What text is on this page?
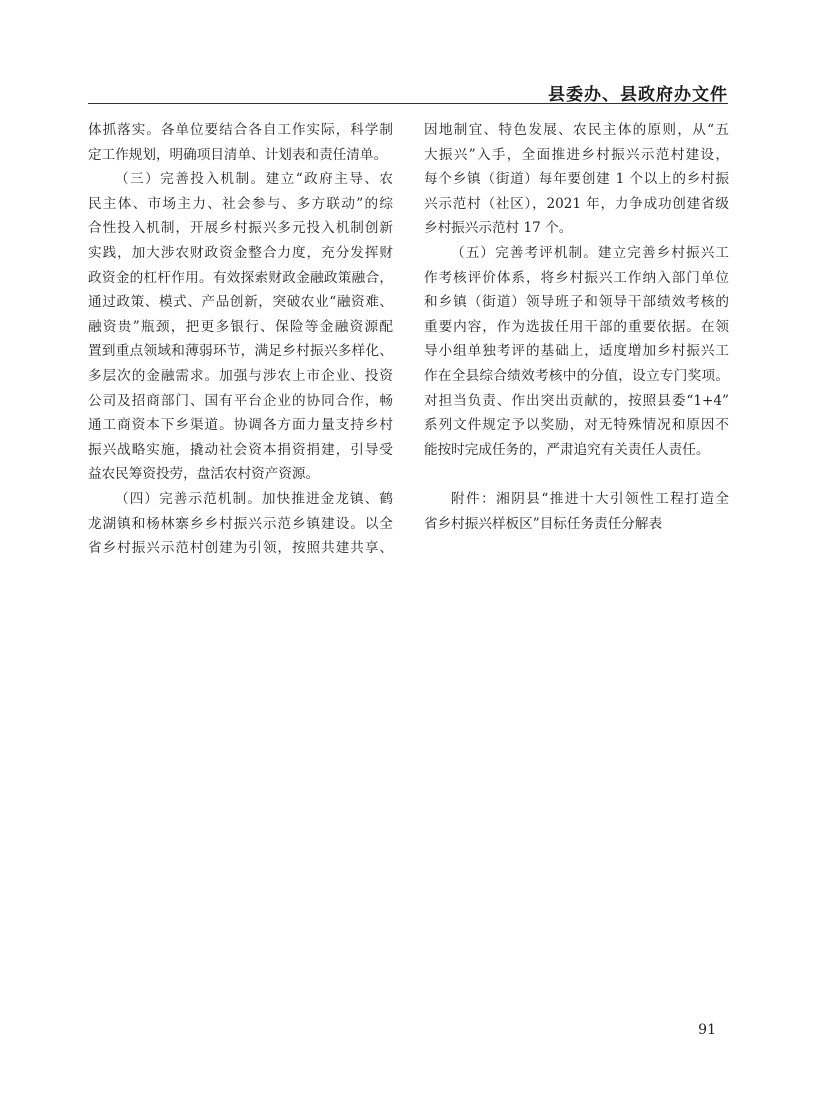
县委办、县政府办文件
体抓落实。各单位要结合各自工作实际，科学制
定工作规划，明确项目清单、计划表和责任清单。
（三）完善投入机制。建立“政府主导、农
民主体、市场主力、社会参与、多方联动”的综
合性投入机制，开展乡村振兴多元投入机制创新
实践，加大涉农财政资金整合力度，充分发挥财
政资金的杠杆作用。有效探索财政金融政策融合，
通过政策、模式、产品创新，突破农业“融资难、
融资贵”瓶颈，把更多银行、保险等金融资源配
置到重点领域和薄弱环节，满足乡村振兴多样化、
多层次的金融需求。加强与涉农上市企业、投资
公司及招商部门、国有平台企业的协同合作，畅
通工商资本下乡渠道。协调各方面力量支持乡村
振兴战略实施，撬动社会资本捐资捐建，引导受
益农民筹资投劳，盘活农村资产资源。
（四）完善示范机制。加快推进金龙镇、鹤
龙湖镇和杨林寨乡乡村振兴示范乡镇建设。以全
省乡村振兴示范村创建为引领，按照共建共享、
因地制宜、特色发展、农民主体的原则，从“五
大振兴”入手，全面推进乡村振兴示范村建设，
每个乡镇（街道）每年要创建 1 个以上的乡村振
兴示范村（社区），2021 年，力争成功创建省级
乡村振兴示范村 17 个。
（五）完善考评机制。建立完善乡村振兴工
作考核评价体系，将乡村振兴工作纳入部门单位
和乡镇（街道）领导班子和领导干部绩效考核的
重要内容，作为选拔任用干部的重要依据。在领
导小组单独考评的基础上，适度增加乡村振兴工
作在全县综合绩效考核中的分值，设立专门奖项。
对担当负责、作出突出贡献的，按照县委“1+4”
系列文件规定予以奖励，对无特殊情况和原因不
能按时完成任务的，严肃追究有关责任人责任。
附件：湘阴县“推进十大引领性工程打造全
省乡村振兴样板区”目标任务责任分解表
91
